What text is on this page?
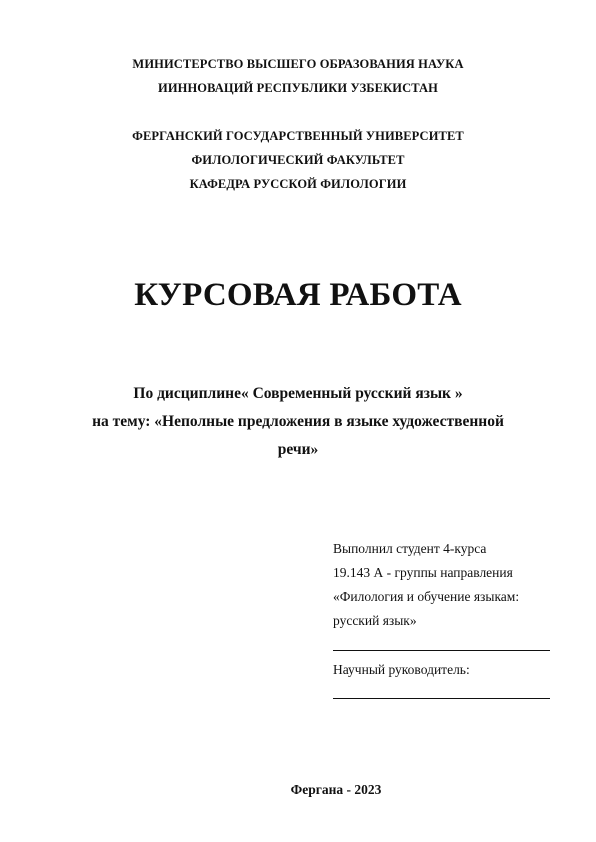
МИНИСТЕРСТВО ВЫСШЕГО ОБРАЗОВАНИЯ НАУКА
ИИННОВАЦИЙ РЕСПУБЛИКИ УЗБЕКИСТАН
ФЕРГАНСКИЙ ГОСУДАРСТВЕННЫЙ УНИВЕРСИТЕТ
ФИЛОЛОГИЧЕСКИЙ ФАКУЛЬТЕТ
КАФЕДРА РУССКОЙ ФИЛОЛОГИИ
КУРСОВАЯ РАБОТА
По дисциплине« Современный русский язык »
на тему: «Неполные предложения в языке художественной
речи»
Выполнил студент 4-курса
19.143 А - группы направления
«Филология и обучение языкам:
русский язык»
Научный руководитель:
Фергана - 2023
